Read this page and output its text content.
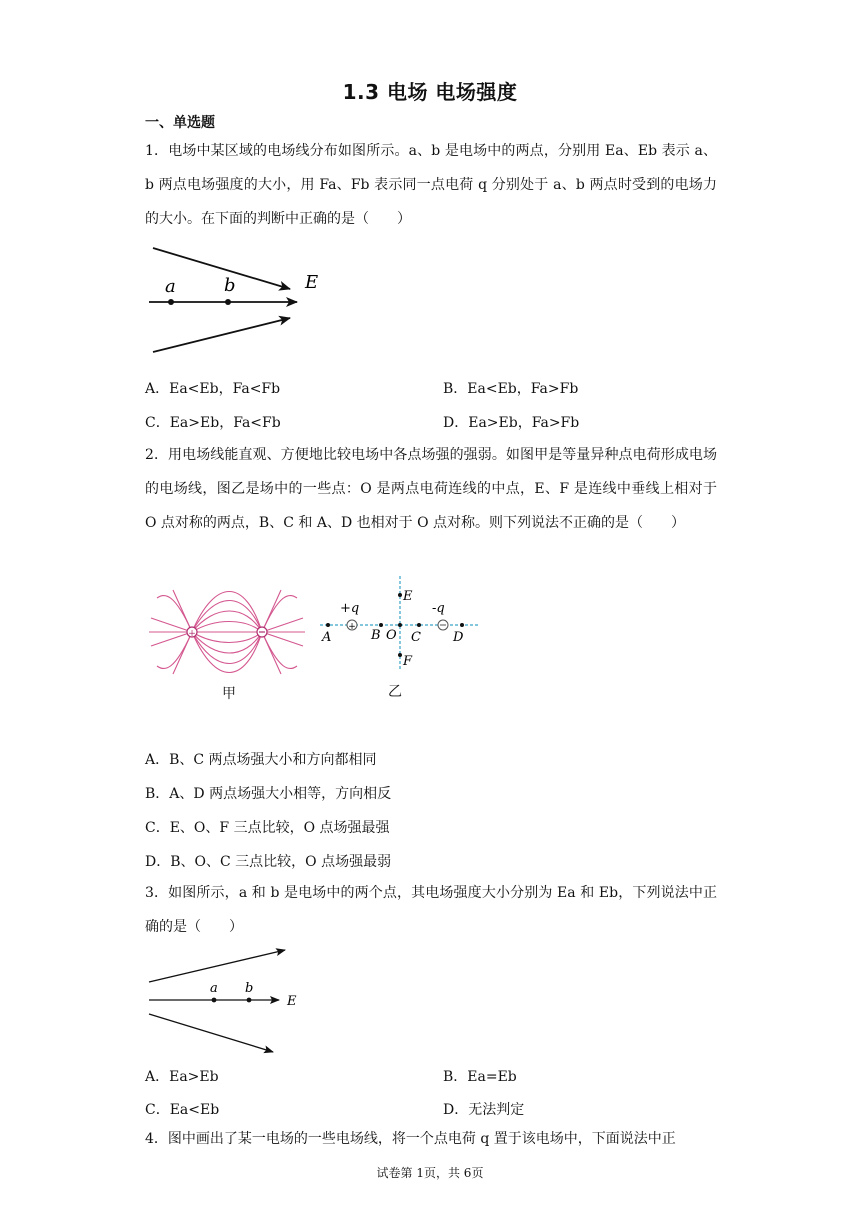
1.3 电场 电场强度
一、单选题
1．电场中某区域的电场线分布如图所示。a、b 是电场中的两点，分别用 Ea、Eb 表示 a、b 两点电场强度的大小，用 Fa、Fb 表示同一点电荷 q 分别处于 a、b 两点时受到的电场力的大小。在下面的判断中正确的是（　　）
a	b	E
A．Ea<Eb，Fa<Fb	B．Ea<Eb，Fa>Fb
C．Ea>Eb，Fa<Fb	D．Ea>Eb，Fa>Fb
2．用电场线能直观、方便地比较电场中各点场强的强弱。如图甲是等量异种点电荷形成电场的电场线，图乙是场中的一些点：O 是两点电荷连线的中点，E、F 是连线中垂线上相对于 O 点对称的两点，B、C 和 A、D 也相对于 O 点对称。则下列说法不正确的是（　　）
+
甲
+
+q	-q
A	B O C D
E
F
乙
A．B、C 两点场强大小和方向都相同
B．A、D 两点场强大小相等，方向相反
C．E、O、F 三点比较，O 点场强最强
D．B、O、C 三点比较，O 点场强最弱
3．如图所示，a 和 b 是电场中的两个点，其电场强度大小分别为 Ea 和 Eb，下列说法中正确的是（　　）
a b
E
A．Ea>Eb	B．Ea=Eb
C．Ea<Eb	D．无法判定
4．图中画出了某一电场的一些电场线，将一个点电荷 q 置于该电场中，下面说法中正
试卷第 1页，共 6页
